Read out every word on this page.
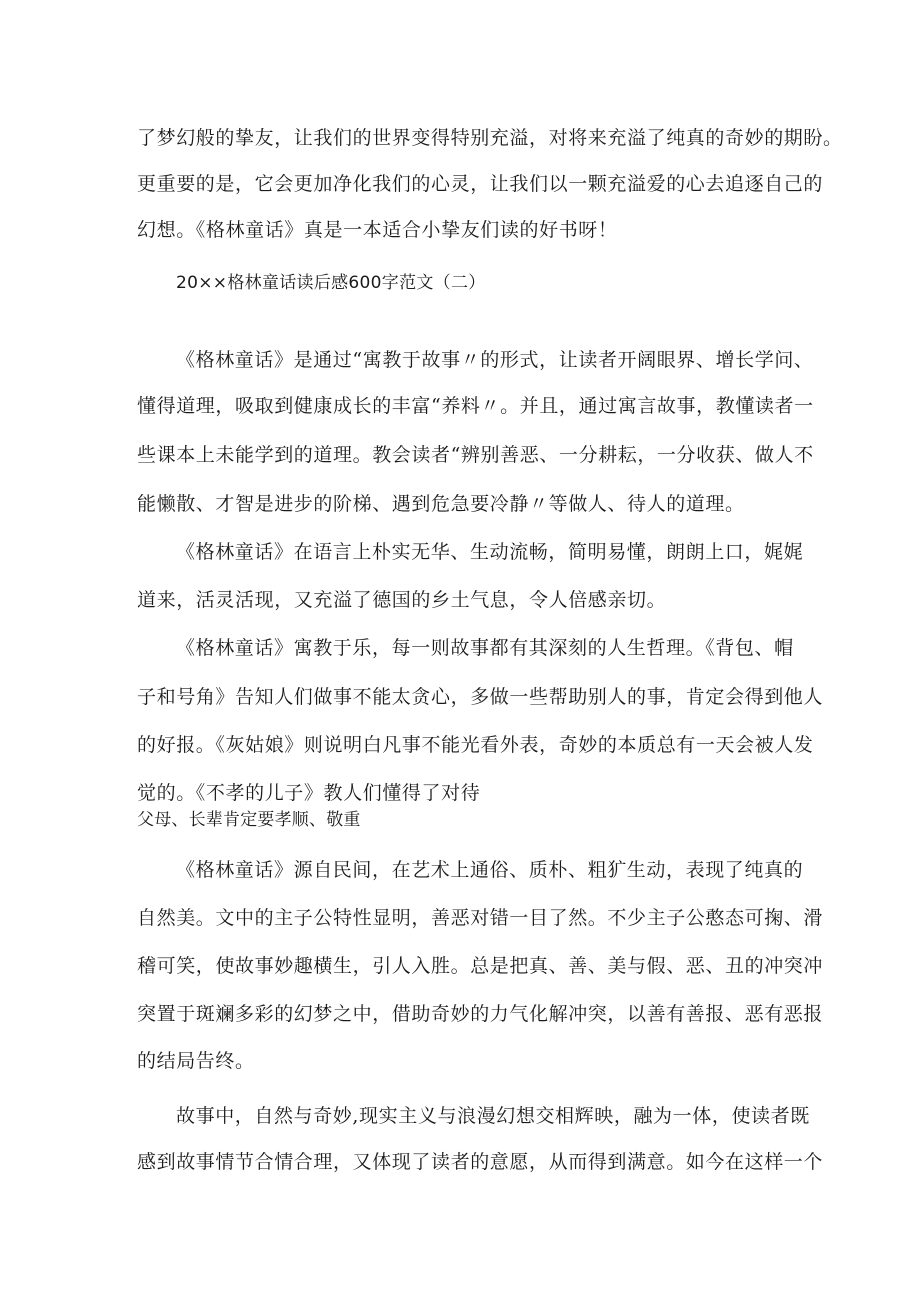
了梦幻般的挚友，让我们的世界变得特别充溢，对将来充溢了纯真的奇妙的期盼。
更重要的是，它会更加净化我们的心灵，让我们以一颗充溢爱的心去追逐自己的
幻想。《格林童话》真是一本适合小挚友们读的好书呀！
20××格林童话读后感600字范文（二）
《格林童话》是通过“寓教于故事〃的形式，让读者开阔眼界、增长学问、
懂得道理，吸取到健康成长的丰富“养料〃。并且，通过寓言故事，教懂读者一
些课本上未能学到的道理。教会读者“辨别善恶、一分耕耘，一分收获、做人不
能懒散、才智是进步的阶梯、遇到危急要冷静〃等做人、待人的道理。
《格林童话》在语言上朴实无华、生动流畅，简明易懂，朗朗上口，娓娓
道来，活灵活现，又充溢了德国的乡土气息，令人倍感亲切。
《格林童话》寓教于乐，每一则故事都有其深刻的人生哲理。《背包、帽
子和号角》告知人们做事不能太贪心，多做一些帮助别人的事，肯定会得到他人
的好报。《灰姑娘》则说明白凡事不能光看外表，奇妙的本质总有一天会被人发
觉的。《不孝的儿子》教人们懂得了对待
父母、长辈肯定要孝顺、敬重
《格林童话》源自民间，在艺术上通俗、质朴、粗犷生动，表现了纯真的
自然美。文中的主子公特性显明，善恶对错一目了然。不少主子公憨态可掬、滑
稽可笑，使故事妙趣横生，引人入胜。总是把真、善、美与假、恶、丑的冲突冲
突置于斑斓多彩的幻梦之中，借助奇妙的力气化解冲突，以善有善报、恶有恶报
的结局告终。
故事中，自然与奇妙,现实主义与浪漫幻想交相辉映，融为一体，使读者既
感到故事情节合情合理，又体现了读者的意愿，从而得到满意。如今在这样一个
